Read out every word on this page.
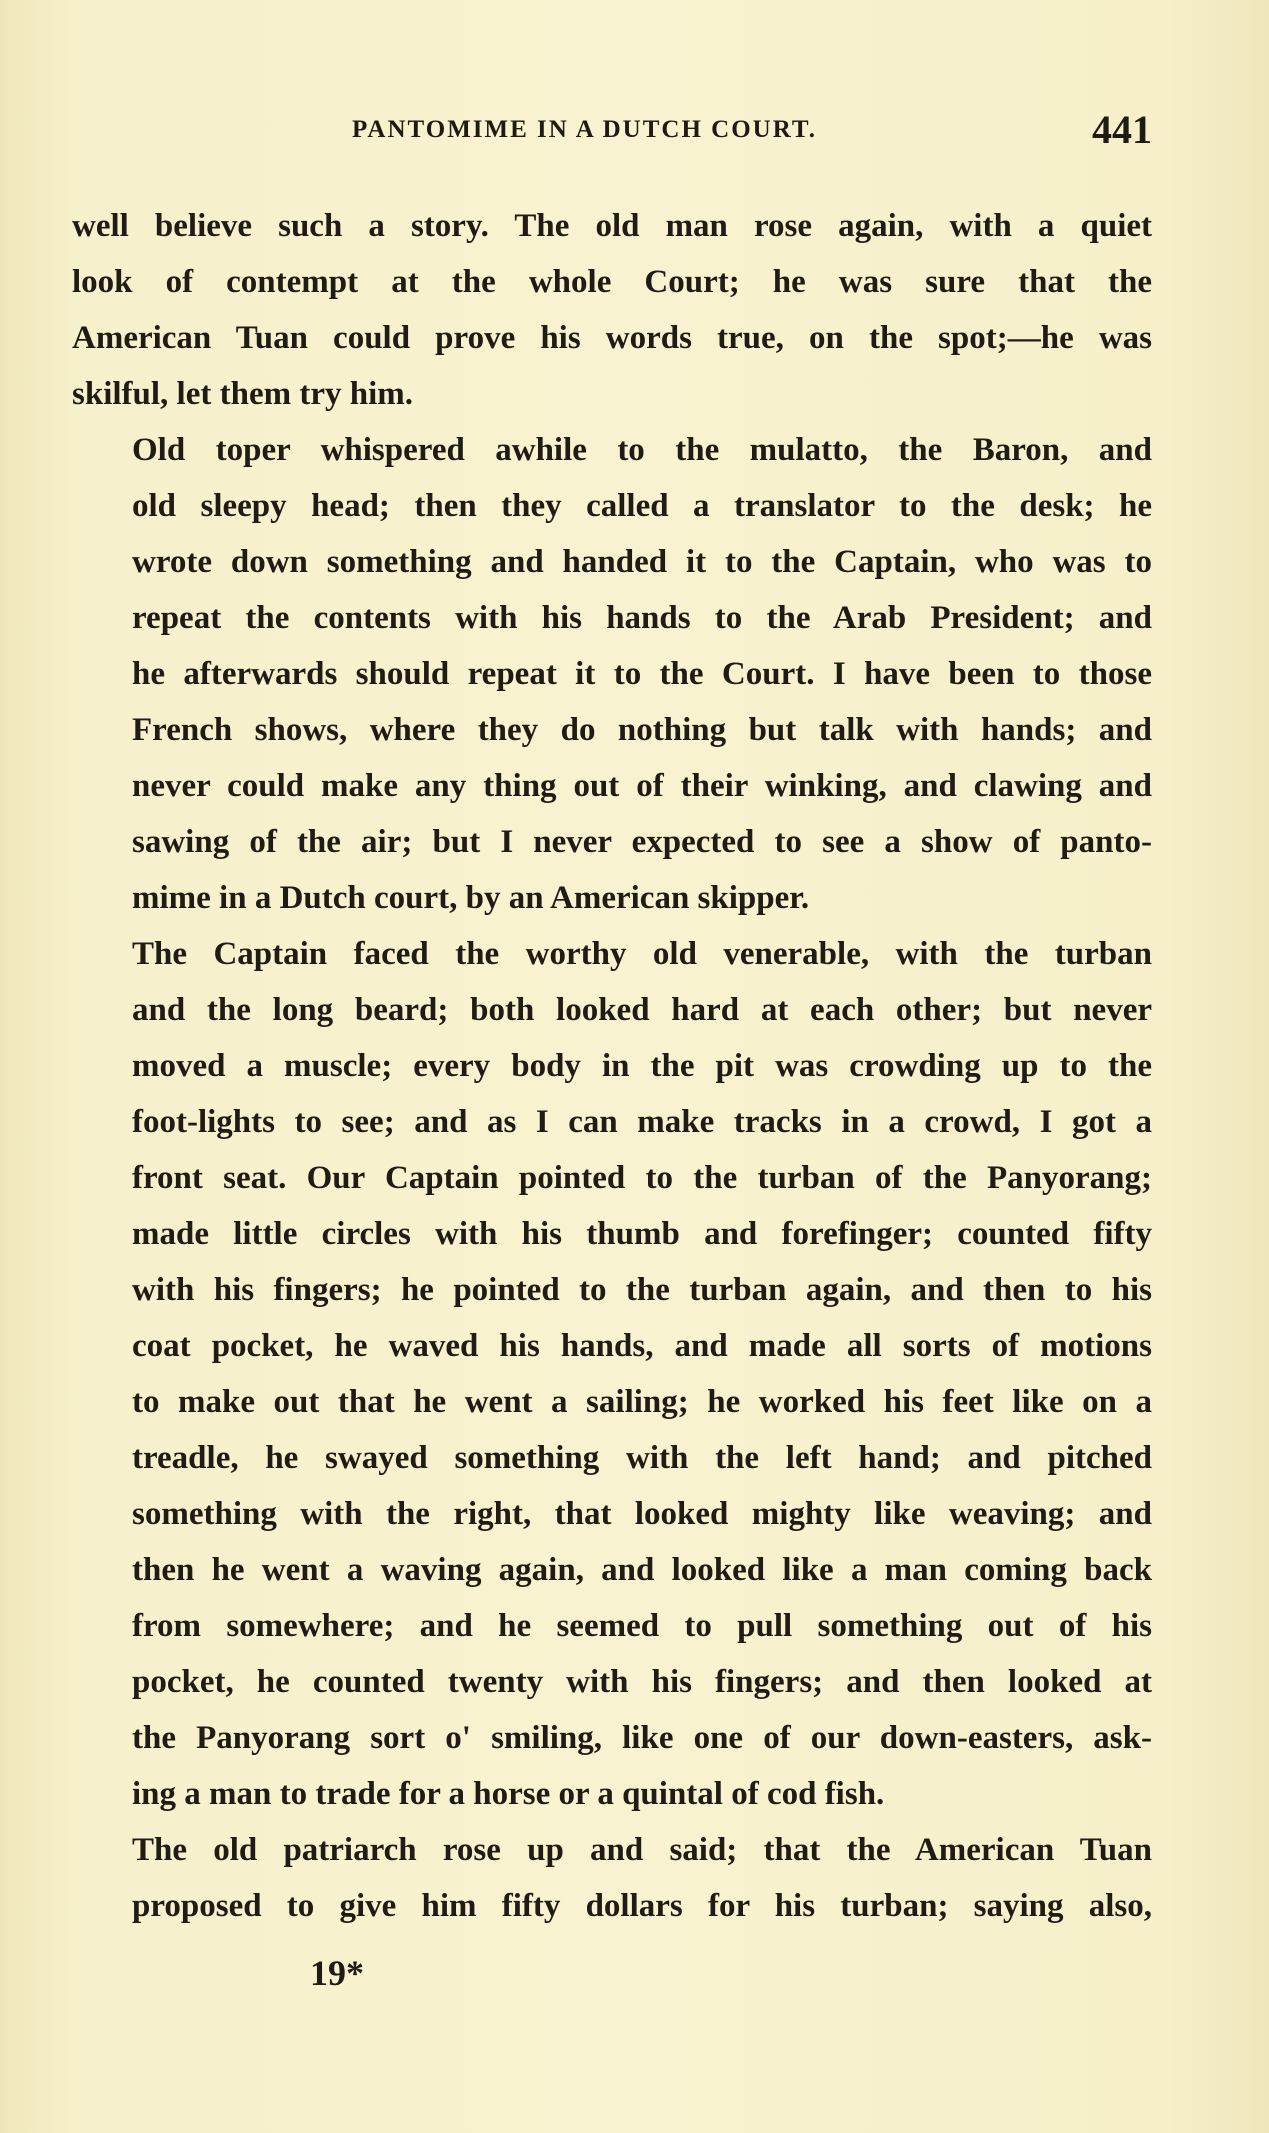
PANTOMIME IN A DUTCH COURT.	441

well believe such a story. The old man rose again, with a quiet
look of contempt at the whole Court; he was sure that the
American Tuan could prove his words true, on the spot;—he was
skilful, let them try him.

Old toper whispered awhile to the mulatto, the Baron, and
old sleepy head; then they called a translator to the desk; he
wrote down something and handed it to the Captain, who was to
repeat the contents with his hands to the Arab President; and
he afterwards should repeat it to the Court. I have been to those
French shows, where they do nothing but talk with hands; and
never could make any thing out of their winking, and clawing and
sawing of the air; but I never expected to see a show of panto-
mime in a Dutch court, by an American skipper.

The Captain faced the worthy old venerable, with the turban
and the long beard; both looked hard at each other; but never
moved a muscle; every body in the pit was crowding up to the
foot-lights to see; and as I can make tracks in a crowd, I got a
front seat. Our Captain pointed to the turban of the Panyorang;
made little circles with his thumb and forefinger; counted fifty
with his fingers; he pointed to the turban again, and then to his
coat pocket, he waved his hands, and made all sorts of motions
to make out that he went a sailing; he worked his feet like on a
treadle, he swayed something with the left hand; and pitched
something with the right, that looked mighty like weaving; and
then he went a waving again, and looked like a man coming back
from somewhere; and he seemed to pull something out of his
pocket, he counted twenty with his fingers; and then looked at
the Panyorang sort o' smiling, like one of our down-easters, ask-
ing a man to trade for a horse or a quintal of cod fish.

The old patriarch rose up and said; that the American Tuan
proposed to give him fifty dollars for his turban; saying also,

19*
